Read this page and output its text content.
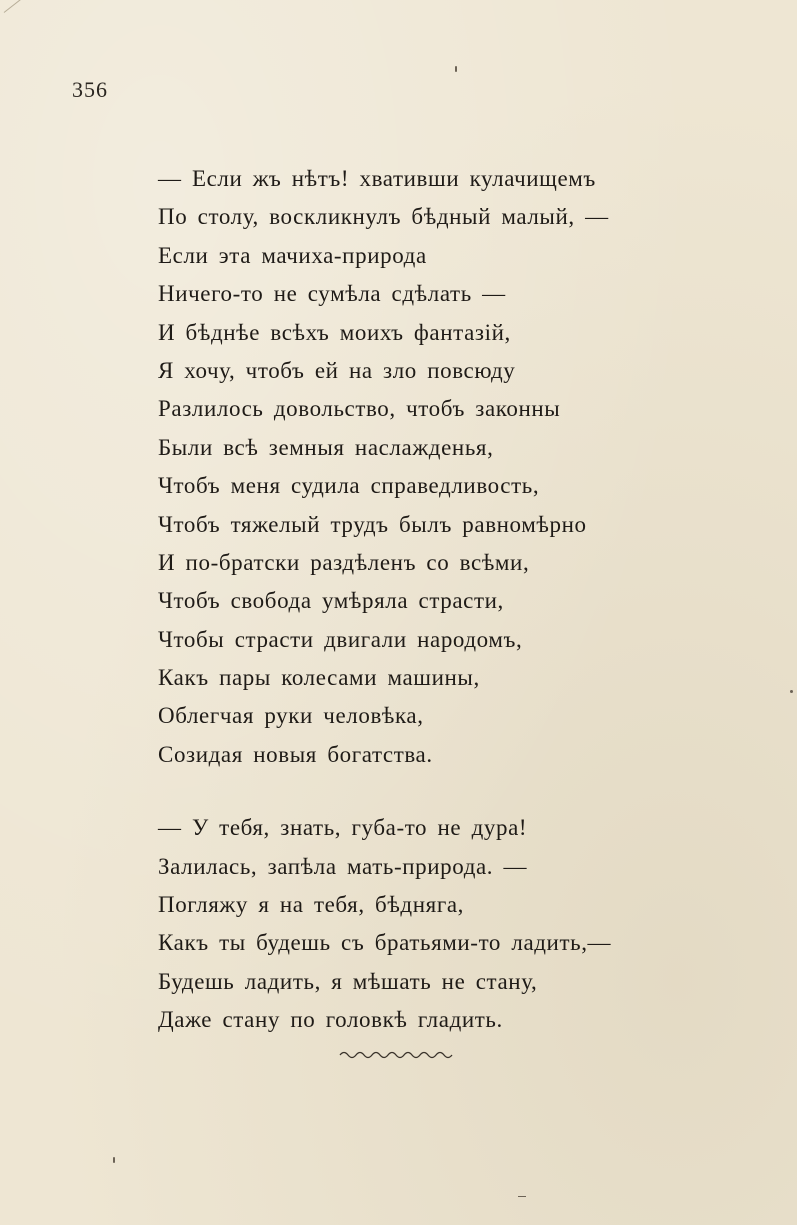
356
— Если жъ нѣтъ! хвативши кулачищемъ
По столу, воскликнулъ бѣдный малый, —
Если эта мачиха-природа
Ничего-то не сумѣла сдѣлать —
И бѣднѣе всѣхъ моихъ фантазій,
Я хочу, чтобъ ей на зло повсюду
Разлилось довольство, чтобъ законны
Были всѣ земныя наслажденья,
Чтобъ меня судила справедливость,
Чтобъ тяжелый трудъ былъ равномѣрно
И по-братски раздѣленъ со всѣми,
Чтобъ свобода умѣряла страсти,
Чтобы страсти двигали народомъ,
Какъ пары колесами машины,
Облегчая руки человѣка,
Созидая новыя богатства.
— У тебя, знать, губа-то не дура!
Залилась, запѣла мать-природа. —
Погляжу я на тебя, бѣдняга,
Какъ ты будешь съ братьями-то ладить,—
Будешь ладить, я мѣшать не стану,
Даже стану по головкѣ гладить.
